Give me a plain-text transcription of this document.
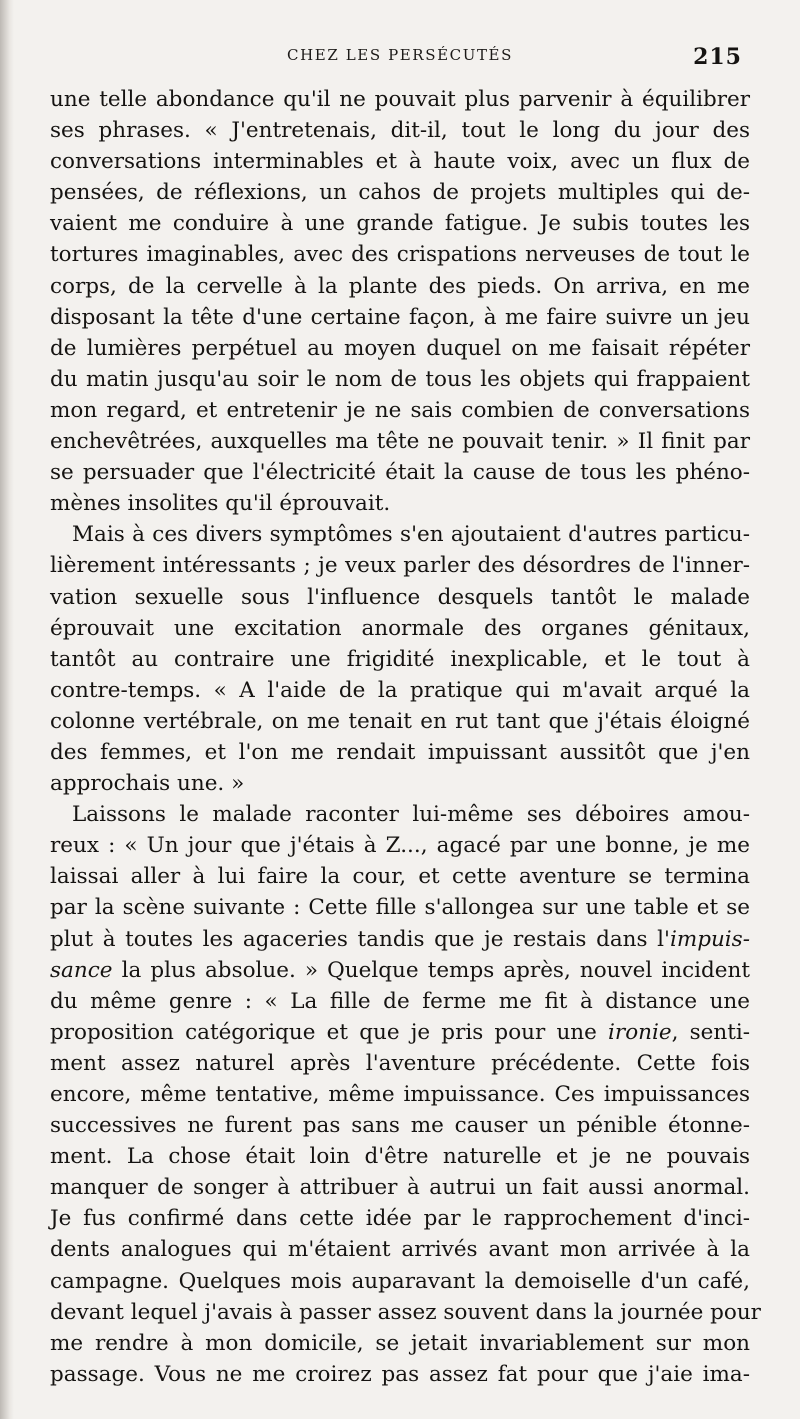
CHEZ LES PERSÉCUTÉS	215
une telle abondance qu'il ne pouvait plus parvenir à équilibrer
ses phrases. « J'entretenais, dit-il, tout le long du jour des
conversations interminables et à haute voix, avec un flux de
pensées, de réflexions, un cahos de projets multiples qui de-
vaient me conduire à une grande fatigue. Je subis toutes les
tortures imaginables, avec des crispations nerveuses de tout le
corps, de la cervelle à la plante des pieds. On arriva, en me
disposant la tête d'une certaine façon, à me faire suivre un jeu
de lumières perpétuel au moyen duquel on me faisait répéter
du matin jusqu'au soir le nom de tous les objets qui frappaient
mon regard, et entretenir je ne sais combien de conversations
enchevêtrées, auxquelles ma tête ne pouvait tenir. » Il finit par
se persuader que l'électricité était la cause de tous les phéno-
mènes insolites qu'il éprouvait.
Mais à ces divers symptômes s'en ajoutaient d'autres particu-
lièrement intéressants ; je veux parler des désordres de l'inner-
vation sexuelle sous l'influence desquels tantôt le malade
éprouvait une excitation anormale des organes génitaux,
tantôt au contraire une frigidité inexplicable, et le tout à
contre-temps. « A l'aide de la pratique qui m'avait arqué la
colonne vertébrale, on me tenait en rut tant que j'étais éloigné
des femmes, et l'on me rendait impuissant aussitôt que j'en
approchais une. »
Laissons le malade raconter lui-même ses déboires amou-
reux : « Un jour que j'étais à Z..., agacé par une bonne, je me
laissai aller à lui faire la cour, et cette aventure se termina
par la scène suivante : Cette fille s'allongea sur une table et se
plut à toutes les agaceries tandis que je restais dans l'impuis-
sance la plus absolue. » Quelque temps après, nouvel incident
du même genre : « La fille de ferme me fit à distance une
proposition catégorique et que je pris pour une ironie, senti-
ment assez naturel après l'aventure précédente. Cette fois
encore, même tentative, même impuissance. Ces impuissances
successives ne furent pas sans me causer un pénible étonne-
ment. La chose était loin d'être naturelle et je ne pouvais
manquer de songer à attribuer à autrui un fait aussi anormal.
Je fus confirmé dans cette idée par le rapprochement d'inci-
dents analogues qui m'étaient arrivés avant mon arrivée à la
campagne. Quelques mois auparavant la demoiselle d'un café,
devant lequel j'avais à passer assez souvent dans la journée pour
me rendre à mon domicile, se jetait invariablement sur mon
passage. Vous ne me croirez pas assez fat pour que j'aie ima-
